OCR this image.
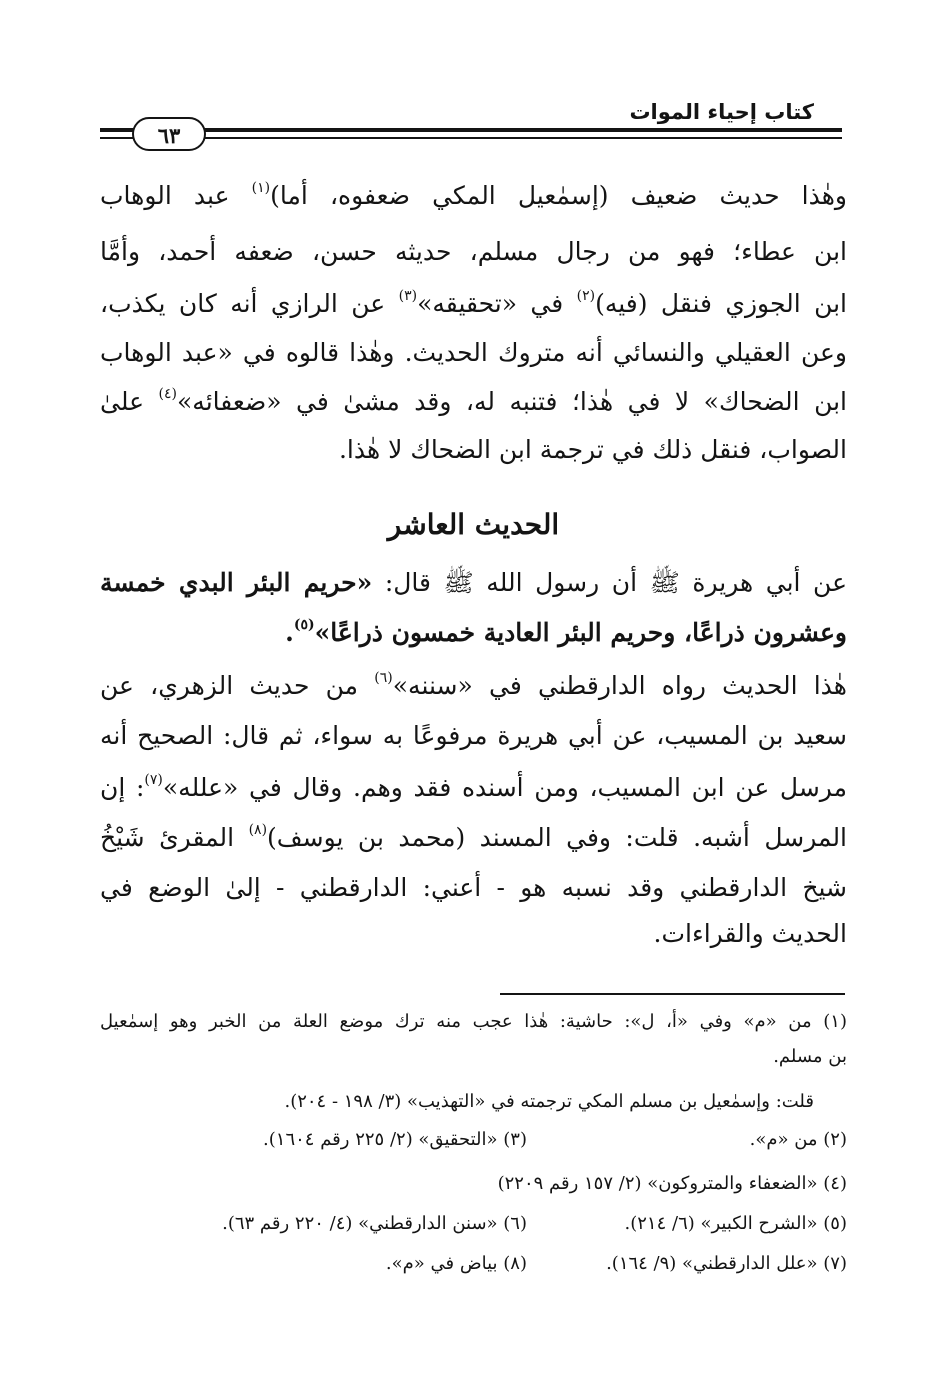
كتاب إحياء الموات
٦٣
وهٰذا حديث ضعيف (إسمٰعيل المكي ضعفوه، أما)$^{(١)}$ عبد الوهاب
ابن عطاء؛ فهو من رجال مسلم، حديثه حسن، ضعفه أحمد، وأمَّا
ابن الجوزي فنقل (فيه)$^{(٢)}$ في «تحقيقه»$^{(٣)}$ عن الرازي أنه كان يكذب،
وعن العقيلي والنسائي أنه متروك الحديث. وهٰذا قالوه في «عبد الوهاب
ابن الضحاك» لا في هٰذا؛ فتنبه له، وقد مشىٰ في «ضعفائه»$^{(٤)}$ علىٰ
الصواب، فنقل ذلك في ترجمة ابن الضحاك لا هٰذا.
الحديث العاشر
عن أبي هريرة ﷺ أن رسول الله ﷺ قال: «حريم البئر البدي خمسة
وعشرون ذراعًا، وحريم البئر العادية خمسون ذراعًا»$^{(٥)}$.
هٰذا الحديث رواه الدارقطني في «سننه»$^{(٦)}$ من حديث الزهري، عن
سعيد بن المسيب، عن أبي هريرة مرفوعًا به سواء، ثم قال: الصحيح أنه
مرسل عن ابن المسيب، ومن أسنده فقد وهم. وقال في «علله»$^{(٧)}$: إن
المرسل أشبه. قلت: وفي المسند (محمد بن يوسف)$^{(٨)}$ المقرئ شَيْخُ
شيخ الدارقطني وقد نسبه هو - أعني: الدارقطني - إلىٰ الوضع في
الحديث والقراءات.
(١) من «م» وفي «أ، ل»: حاشية: هٰذا عجب منه ترك موضع العلة من الخبر وهو إسمٰعيل
بن مسلم.
قلت: وإسمٰعيل بن مسلم المكي ترجمته في «التهذيب» (٣/ ١٩٨ - ٢٠٤).
(٢) من «م».
(٣) «التحقيق» (٢/ ٢٢٥ رقم ١٦٠٤).
(٤) «الضعفاء والمتروكون» (٢/ ١٥٧ رقم ٢٢٠٩)
(٥) «الشرح الكبير» (٦/ ٢١٤).
(٦) «سنن الدارقطني» (٤/ ٢٢٠ رقم ٦٣).
(٧) «علل الدارقطني» (٩/ ١٦٤).
(٨) بياض في «م».
